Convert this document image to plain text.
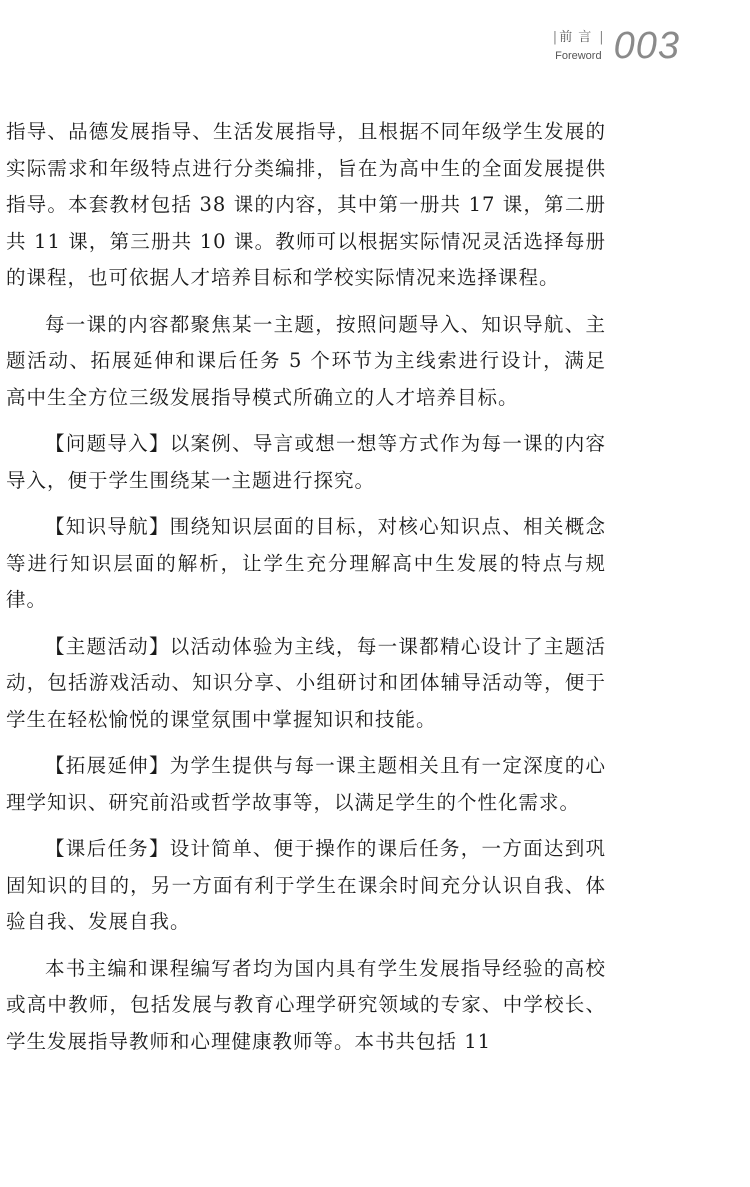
| 前言 |
Foreword 003

指导、品德发展指导、生活发展指导，且根据不同年级学生发展的实际需求和年级特点进行分类编排，旨在为高中生的全面发展提供指导。本套教材包括 38 课的内容，其中第一册共 17 课，第二册共 11 课，第三册共 10 课。教师可以根据实际情况灵活选择每册的课程，也可依据人才培养目标和学校实际情况来选择课程。

每一课的内容都聚焦某一主题，按照问题导入、知识导航、主题活动、拓展延伸和课后任务 5 个环节为主线索进行设计，满足高中生全方位三级发展指导模式所确立的人才培养目标。

【问题导入】以案例、导言或想一想等方式作为每一课的内容导入，便于学生围绕某一主题进行探究。

【知识导航】围绕知识层面的目标，对核心知识点、相关概念等进行知识层面的解析，让学生充分理解高中生发展的特点与规律。

【主题活动】以活动体验为主线，每一课都精心设计了主题活动，包括游戏活动、知识分享、小组研讨和团体辅导活动等，便于学生在轻松愉悦的课堂氛围中掌握知识和技能。

【拓展延伸】为学生提供与每一课主题相关且有一定深度的心理学知识、研究前沿或哲学故事等，以满足学生的个性化需求。

【课后任务】设计简单、便于操作的课后任务，一方面达到巩固知识的目的，另一方面有利于学生在课余时间充分认识自我、体验自我、发展自我。

本书主编和课程编写者均为国内具有学生发展指导经验的高校或高中教师，包括发展与教育心理学研究领域的专家、中学校长、学生发展指导教师和心理健康教师等。本书共包括 11
